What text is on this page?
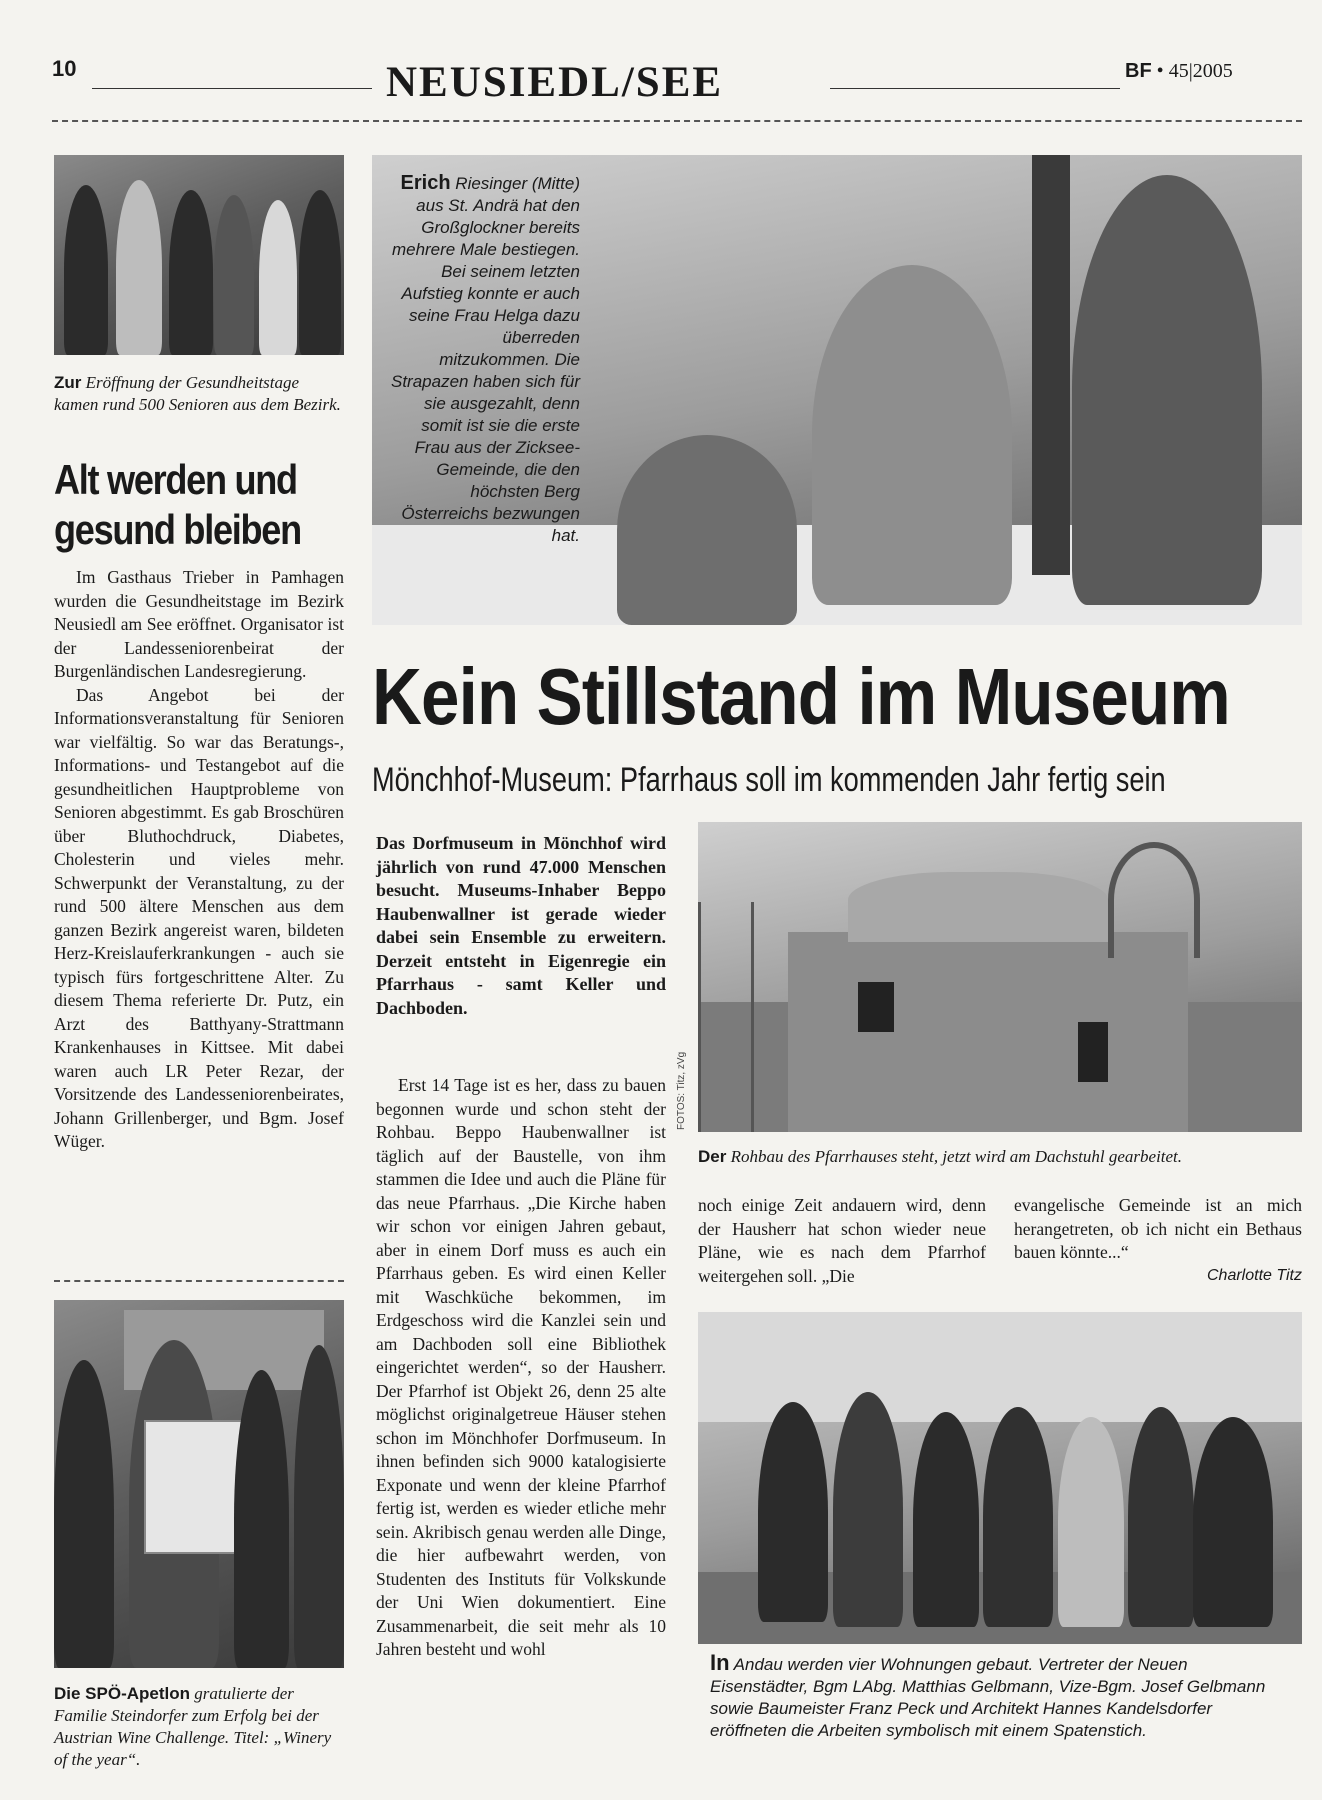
10	NEUSIEDL/SEE	BF • 45|2005
Zur Eröffnung der Gesundheitstage kamen rund 500 Senioren aus dem Bezirk.
Alt werden und gesund bleiben

Im Gasthaus Trieber in Pamhagen wurden die Gesundheitstage im Bezirk Neusiedl am See eröffnet. Organisator ist der Landesseniorenbeirat der Burgenländischen Landesregierung.

Das Angebot bei der Informationsveranstaltung für Senioren war vielfältig. So war das Beratungs-, Informations- und Testangebot auf die gesundheitlichen Hauptprobleme von Senioren abgestimmt. Es gab Broschüren über Bluthochdruck, Diabetes, Cholesterin und vieles mehr. Schwerpunkt der Veranstaltung, zu der rund 500 ältere Menschen aus dem ganzen Bezirk angereist waren, bildeten Herz-Kreislauferkrankungen - auch sie typisch fürs fortgeschrittene Alter. Zu diesem Thema referierte Dr. Putz, ein Arzt des Batthyany-Strattmann Krankenhauses in Kittsee. Mit dabei waren auch LR Peter Rezar, der Vorsitzende des Landesseniorenbeirates, Johann Grillenberger, und Bgm. Josef Wüger.

Die SPÖ-Apetlon gratulierte der Familie Steindorfer zum Erfolg bei der Austrian Wine Challenge. Titel: „Winery of the year“.
Erich Riesinger (Mitte) aus St. Andrä hat den Großglockner bereits mehrere Male bestiegen. Bei seinem letzten Aufstieg konnte er auch seine Frau Helga dazu überreden mitzukommen. Die Strapazen haben sich für sie ausgezahlt, denn somit ist sie die erste Frau aus der Zicksee-Gemeinde, die den höchsten Berg Österreichs bezwungen hat.
Kein Stillstand im Museum
Mönchhof-Museum: Pfarrhaus soll im kommenden Jahr fertig sein
Das Dorfmuseum in Mönchhof wird jährlich von rund 47.000 Menschen besucht. Museums-Inhaber Beppo Haubenwallner ist gerade wieder dabei sein Ensemble zu erweitern. Derzeit entsteht in Eigenregie ein Pfarrhaus - samt Keller und Dachboden.

Erst 14 Tage ist es her, dass zu bauen begonnen wurde und schon steht der Rohbau. Beppo Haubenwallner ist täglich auf der Baustelle, von ihm stammen die Idee und auch die Pläne für das neue Pfarrhaus. „Die Kirche haben wir schon vor einigen Jahren gebaut, aber in einem Dorf muss es auch ein Pfarrhaus geben. Es wird einen Keller mit Waschküche bekommen, im Erdgeschoss wird die Kanzlei sein und am Dachboden soll eine Bibliothek eingerichtet werden“, so der Hausherr. Der Pfarrhof ist Objekt 26, denn 25 alte möglichst originalgetreue Häuser stehen schon im Mönchhofer Dorfmuseum. In ihnen befinden sich 9000 katalogisierte Exponate und wenn der kleine Pfarrhof fertig ist, werden es wieder etliche mehr sein. Akribisch genau werden alle Dinge, die hier aufbewahrt werden, von Studenten des Instituts für Volkskunde der Uni Wien dokumentiert. Eine Zusammenarbeit, die seit mehr als 10 Jahren besteht und wohl

FOTOS: Titz, zVg
Der Rohbau des Pfarrhauses steht, jetzt wird am Dachstuhl gearbeitet.

noch einige Zeit andauern wird, denn der Hausherr hat schon wieder neue Pläne, wie es nach dem Pfarrhof weitergehen soll. „Die

evangelische Gemeinde ist an mich herangetreten, ob ich nicht ein Bethaus bauen könnte...“

Charlotte Titz
In Andau werden vier Wohnungen gebaut. Vertreter der Neuen Eisenstädter, Bgm LAbg. Matthias Gelbmann, Vize-Bgm. Josef Gelbmann sowie Baumeister Franz Peck und Architekt Hannes Kandelsdorfer eröffneten die Arbeiten symbolisch mit einem Spatenstich.
